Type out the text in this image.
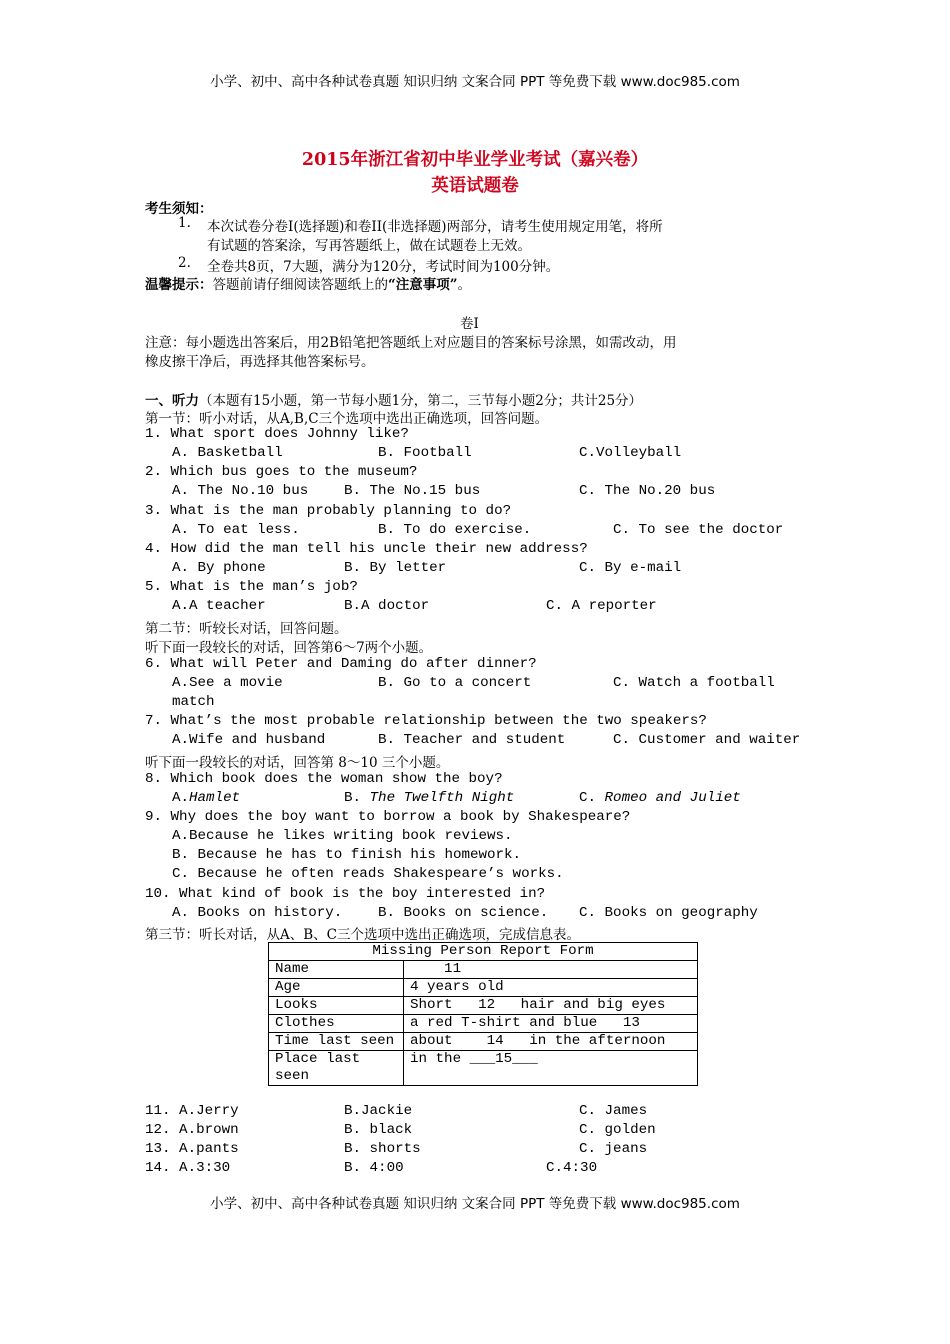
小学、初中、高中各种试卷真题 知识归纳 文案合同 PPT 等免费下载 www.doc985.com
2015年浙江省初中毕业学业考试（嘉兴卷）
英语试题卷
考生须知：
1. 本次试卷分卷I(选择题)和卷II(非选择题)两部分，请考生使用规定用笔，将所
有试题的答案涂，写再答题纸上，做在试题卷上无效。
2. 全卷共8页，7大题，满分为120分，考试时间为100分钟。
温馨提示：答题前请仔细阅读答题纸上的“注意事项”。
卷I
注意：每小题选出答案后，用2B铅笔把答题纸上对应题目的答案标号涂黑，如需改动，用
橡皮擦干净后，再选择其他答案标号。
一、听力（本题有15小题，第一节每小题1分，第二，三节每小题2分；共计25分）
第一节：听小对话，从A,B,C三个选项中选出正确选项，回答问题。
1. What sport does Johnny like?
A. Basketball	B. Football	C.Volleyball
2. Which bus goes to the museum?
A. The No.10 bus	B. The No.15 bus	C. The No.20 bus
3. What is the man probably planning to do?
A. To eat less.	B. To do exercise.	C. To see the doctor
4. How did the man tell his uncle their new address?
A. By phone	B. By letter	C. By e-mail
5. What is the man’s job?
A.A teacher	B.A doctor	C. A reporter
第二节：听较长对话，回答问题。
听下面一段较长的对话，回答第6～7两个小题。
6. What will Peter and Daming do after dinner?
A.See a movie	B. Go to a concert	C. Watch a football
match
7. What’s the most probable relationship between the two speakers?
A.Wife and husband	B. Teacher and student	C. Customer and waiter
听下面一段较长的对话，回答第 8～10 三个小题。
8. Which book does the woman show the boy?
A.Hamlet	B. The Twelfth Night	C. Romeo and Juliet
9. Why does the boy want to borrow a book by Shakespeare?
A.Because he likes writing book reviews.
B. Because he has to finish his homework.
C. Because he often reads Shakespeare’s works.
10. What kind of book is the boy interested in?
A. Books on history.	B. Books on science. C. Books on geography
第三节：听长对话，从A、B、C三个选项中选出正确选项，完成信息表。
Missing Person Report Form	
Name	11
Age	4 years old
Looks	Short   12   hair and big eyes
Clothes	a red T-shirt and blue   13
Time last seen	about    14   in the afternoon
Place last seen	in the ___15___
11. A.Jerry	B.Jackie	C. James
12. A.brown	B. black	C. golden
13. A.pants	B. shorts	C. jeans
14. A.3:30	B. 4:00	C.4:30
小学、初中、高中各种试卷真题 知识归纳 文案合同 PPT 等免费下载 www.doc985.com
